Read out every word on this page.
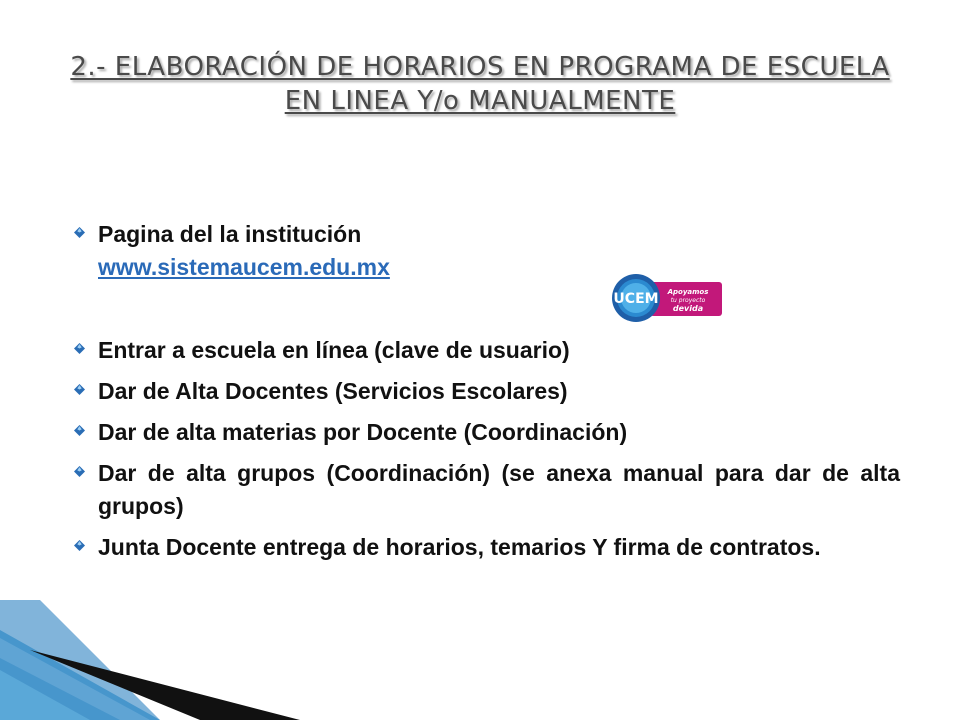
2.- ELABORACIÓN DE HORARIOS EN PROGRAMA DE ESCUELA EN LINEA Y/o MANUALMENTE
Pagina del la institución
www.sistemaucem.edu.mx
Entrar a escuela en línea (clave de usuario)
Dar de Alta Docentes (Servicios Escolares)
Dar de alta materias por Docente (Coordinación)
Dar de alta grupos (Coordinación) (se anexa manual para dar de alta grupos)
Junta Docente entrega de horarios, temarios Y firma de contratos.
UCEM Apoyamos
tu proyecto
devida
